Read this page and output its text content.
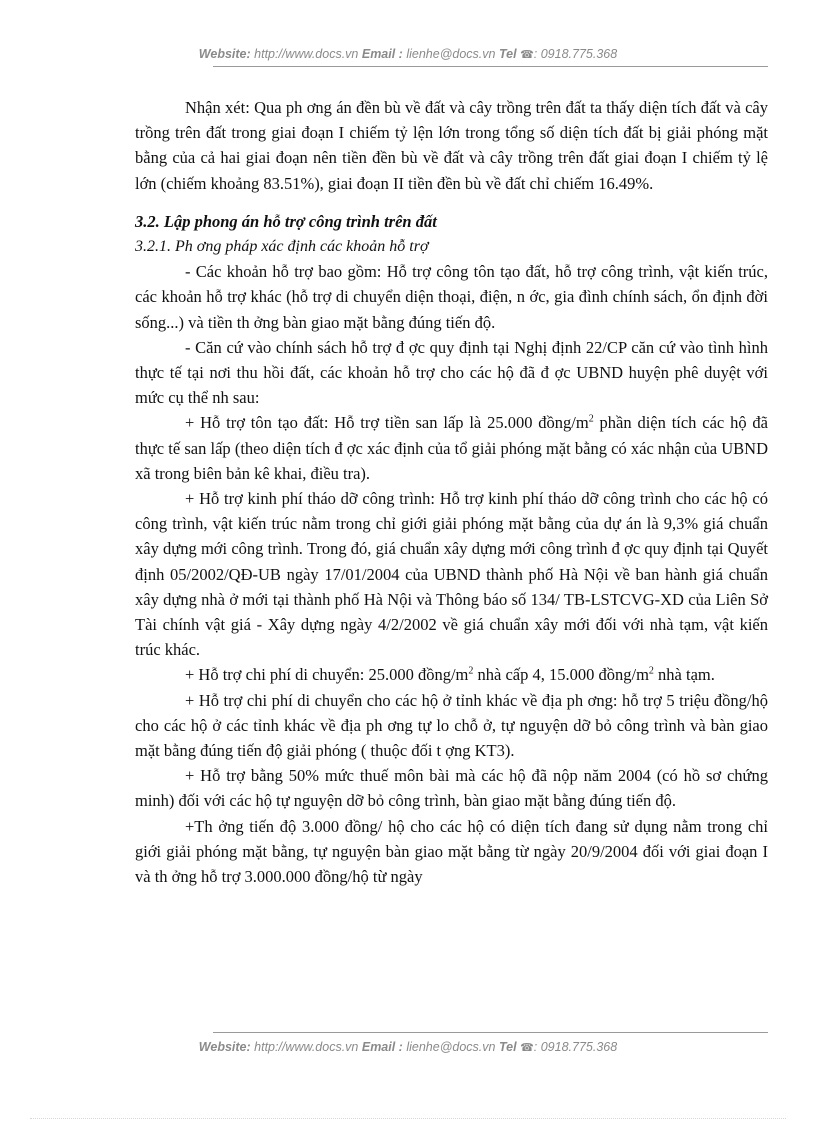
Website: http://www.docs.vn Email : lienhe@docs.vn Tel ☎: 0918.775.368

Nhận xét: Qua ph ơng án đền bù về đất và cây trồng trên đất ta thấy diện tích đất và cây trồng trên đất trong giai đoạn I chiếm tỷ lện lớn trong tổng số diện tích đất bị giải phóng mặt bằng của cả hai giai đoạn nên tiền đền bù về đất và cây trồng trên đất giai đoạn I chiếm tỷ lệ lớn (chiếm khoảng 83.51%), giai đoạn II tiền đền bù về đất chỉ chiếm 16.49%.

3.2. Lập phong án hỗ trợ công trình trên đất

3.2.1. Ph ơng pháp xác định các khoản hỗ trợ

- Các khoản hỗ trợ bao gồm: Hỗ trợ công tôn tạo đất, hỗ trợ công trình, vật kiến trúc, các khoản hỗ trợ khác (hỗ trợ di chuyển diện thoại, điện, n ớc, gia đình chính sách, ổn định đời sống...) và tiền th ởng bàn giao mặt bằng đúng tiến độ.

- Căn cứ vào chính sách hỗ trợ đ ợc quy định tại Nghị định 22/CP căn cứ vào tình hình thực tế tại nơi thu hồi đất, các khoản hỗ trợ cho các hộ đã đ ợc UBND huyện phê duyệt với mức cụ thể nh sau:

+ Hỗ trợ tôn tạo đất: Hỗ trợ tiền san lấp là 25.000 đồng/$m^2$ phần diện tích các hộ đã thực tế san lấp (theo diện tích đ ợc xác định của tổ giải phóng mặt bằng có xác nhận của UBND xã trong biên bản kê khai, điều tra).

+ Hỗ trợ kinh phí tháo dỡ công trình: Hỗ trợ kinh phí tháo dỡ công trình cho các hộ có công trình, vật kiến trúc nằm trong chỉ giới giải phóng mặt bằng của dự án là 9,3% giá chuẩn xây dựng mới công trình. Trong đó, giá chuẩn xây dựng mới công trình đ ợc quy định tại Quyết định 05/2002/QĐ-UB ngày 17/01/2004 của UBND thành phố Hà Nội về ban hành giá chuẩn xây dựng nhà ở mới tại thành phố Hà Nội và Thông báo số 134/ TB-LSTCVG-XD của Liên Sở Tài chính vật giá - Xây dựng ngày 4/2/2002 về giá chuẩn xây mới đối với nhà tạm, vật kiến trúc khác.

+ Hỗ trợ chi phí di chuyển: 25.000 đồng/$m^2$ nhà cấp 4, 15.000 đồng/$m^2$ nhà tạm.

+ Hỗ trợ chi phí di chuyển cho các hộ ở tỉnh khác về địa ph ơng: hỗ trợ 5 triệu đồng/hộ cho các hộ ở các tỉnh khác về địa ph ơng tự lo chỗ ở, tự nguyện dỡ bỏ công trình và bàn giao mặt bằng đúng tiến độ giải phóng ( thuộc đối t ợng KT3).

+ Hỗ trợ bằng 50% mức thuế môn bài mà các hộ đã nộp năm 2004 (có hồ sơ chứng minh) đối với các hộ tự nguyện dỡ bỏ công trình, bàn giao mặt bằng đúng tiến độ.

+Th ởng tiến độ 3.000 đồng/ hộ cho các hộ có diện tích đang sử dụng nằm trong chỉ giới giải phóng mặt bằng, tự nguyện bàn giao mặt bằng từ ngày 20/9/2004 đối với giai đoạn I và th ởng hỗ trợ 3.000.000 đồng/hộ từ ngày

Website: http://www.docs.vn Email : lienhe@docs.vn Tel ☎: 0918.775.368
